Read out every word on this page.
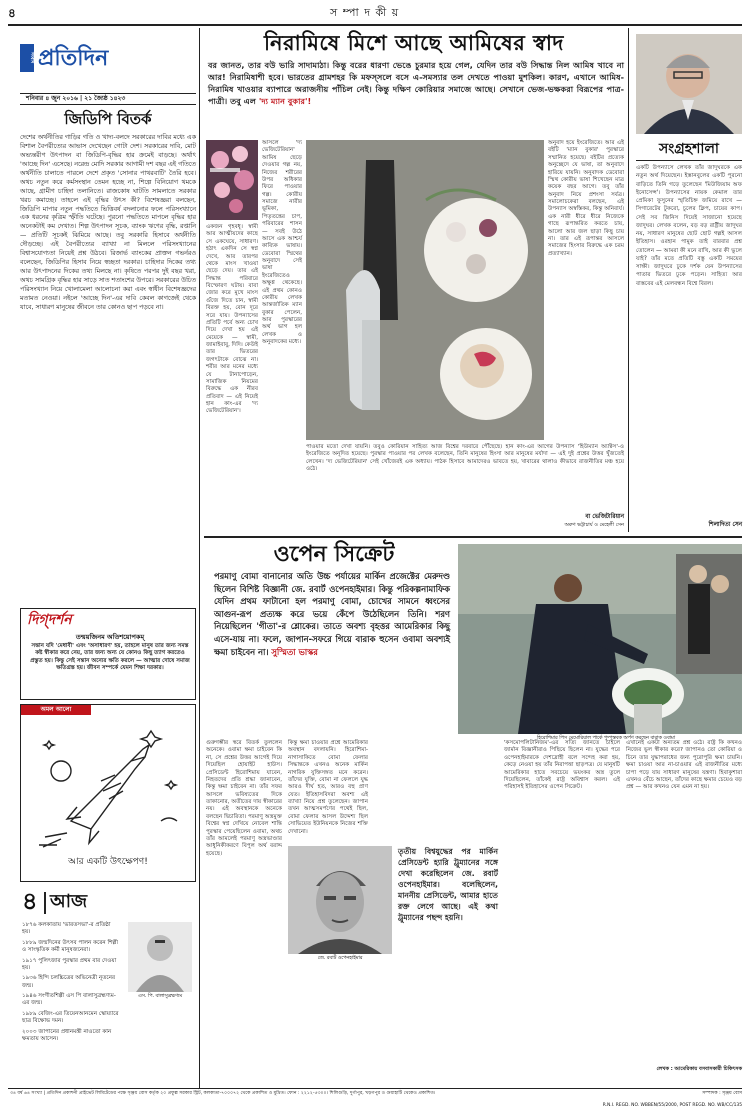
৪	স ম্পা দ কী য়
সংবাদ প্রতিদিন
শনিবার ৪ জুন ২০১৬ | ২১ জ্যৈষ্ঠ ১৪২৩
জিডিপি বিতর্ক
দেশের অর্থনীতির গাড়ির গতি ও খাদ্য-বলদে সরকারের দাবির মধ্যে এক বিশাল বৈপরীত্যের আভাস দেখেছেন গোটা দেশ। সরকারের দাবি, মোট অভ্যন্তরীণ উৎপাদন বা জিডিপি-বৃদ্ধির হার ক্রমেই বাড়ছে। অর্থাৎ 'আচ্ছে দিন' এসেছে। নরেন্দ্র মোদি সরকার আগামী দশ বছর এই গতিতে অর্থনীতি চালাতে পারলে দেশে প্রকৃত 'সোনার পাথরবাটি' তৈরি হবে। অথচ নতুন করে কর্মসংস্থান তেমন হচ্ছে না, শিল্পে বিনিয়োগ থমকে আছে, গ্রামীণ চাহিদা তলানিতে। রাজকোষ ঘাটতি সামলাতে সরকার খরচ কমাচ্ছে। তাহলে এই বৃদ্ধির উৎস কী? বিশেষজ্ঞরা বলছেন, জিডিপি মাপার নতুন পদ্ধতিতে ভিত্তিবর্ষ বদলানোর ফলে পরিসংখ্যানে এক ধরনের কৃত্রিম স্ফীতি ঘটেছে। পুরনো পদ্ধতিতে মাপলে বৃদ্ধির হার অনেকটাই কম দেখাত। শিল্প উৎপাদন সূচক, ব্যাংক ঋণের বৃদ্ধি, রপ্তানি — প্রতিটি সূচকই ঝিমিয়ে আছে। তবু সরকারি হিসাবে অর্থনীতি দৌড়চ্ছে। এই বৈপরীত্যের ব্যাখ্যা না মিললে পরিসংখ্যানের বিশ্বাসযোগ্যতা নিয়েই প্রশ্ন উঠবে। রিজার্ভ ব্যাংকের প্রাক্তন গভর্নরও বলেছেন, জিডিপির হিসাব নিয়ে স্বচ্ছতা দরকার। চাহিদার দিকের তথ্য আর উৎপাদনের দিকের তথ্য মিলছে না। কৃষিতে পরপর দুই বছর খরা, অথচ সামগ্রিক বৃদ্ধির হার সাড়ে সাত শতাংশের উপরে। সরকারের উচিত পরিসংখ্যান নিয়ে খোলামেলা আলোচনা করা এবং স্বাধীন বিশেষজ্ঞদের মতামত নেওয়া। নইলে 'আচ্ছে দিন'-এর দাবি কেবল কাগজেই থেকে যাবে, সাধারণ মানুষের জীবনে তার কোনও ছাপ পড়বে না।
দিগ্‌দর্শন
তন্ময়জিনম অতিশয়োপকম্
সন্তান যদি 'মেধাবী' এবং 'অসাধারণ' হয়, তাহলে মানুষ তার জন্য সমস্ত কষ্ট স্বীকার করে নেয়, তার জন্য অন্য যে কোনও কিছু ত্যাগ করতেও প্রস্তুত হয়। কিন্তু সেই সন্তান অন্যের ক্ষতি করলে — আত্মার দোষে সমাজ ক্ষতিগ্রস্ত হয়। জীবন সম্পর্কে যেমন শিক্ষা দরকার।
অমল আলো
আর একটি উৎক্ষেপণ!
৪ আজ
১৮৭৬ কলকাতায় 'ভারতসভা'-র প্রতিষ্ঠা হয়।
১৮৮৯ জন্মদিনের উৎসব পালন করেন শিল্পী ও সাংস্কৃতিক কর্মী মানুষজনেরা।
১৯১৭ পুলিৎজার পুরস্কার প্রথম বার দেওয়া হয়।
১৯৩৬ হিন্দি চলচ্চিত্রের অভিনেত্রী নূতনের জন্ম।
১৯৪৬ সংগীতশিল্পী এস পি বালাসুব্রহ্মণ্যম-এর জন্ম।
১৯৮৯ বেজিং-এর তিয়েনআনমেন স্কোয়্যারে ছাত্র বিক্ষোভ দমন।
২০০৩ জাপানের প্রধানমন্ত্রী নাওতো কান ক্ষমতায় আসেন।
এস. পি. বালাসুব্রহ্মণ্যম
নিরামিষে মিশে আছে আমিষের স্বাদ
বর জানত, তার বউ ভারি সাদামাঠা। কিন্তু বরের ধারণা ভেঙে চুরমার হয়ে গেল, যেদিন তার বউ সিদ্ধান্ত নিল আমিষ খাবে না আর! নিরামিষাশী হবে। ভারতের গ্রামশহর কি মফস্সলে বসে এ-সমস্যার তল দেখতে পাওয়া মুশকিল। কারণ, এখানে আমিষ-নিরামিষ খাওয়ার ব্যাপারে অরাজনীয় পাঁচিল নেই। কিন্তু দক্ষিণ কোরিয়ার সমাজে আছে। সেখানে ভেজ-ভক্ষকরা বিরূপের পাত্র-পাত্রী। তবু এল 'দ্য ম্যান বুকার'!
একজন গৃহবধূ। স্বামী আর আত্মীয়দের কাছে সে একঘেয়ে, সাধারণ। হঠাৎ একদিন সে স্বপ্ন দেখে, আর তারপর থেকে মাংস খাওয়া ছেড়ে দেয়। তার এই সিদ্ধান্ত পরিবারে বিস্ফোরণ ঘটায়। বাবা জোর করে মুখে মাংস গুঁজে দিতে চান, স্বামী বিরক্ত হয়, বোন দূরে সরে যায়। উপন্যাসের প্রতিটি পর্বে অন্য চোখ দিয়ে দেখা হয় এই মেয়েকে — স্বামী, জামাইবাবু, দিদি। কেউই তার ভিতরের জগৎটাকে বোঝে না। শরীর আর মনের মধ্যে যে টানাপোড়েন, সামাজিক নিয়মের বিরুদ্ধে এক নীরব প্রতিবাদ — এই নিয়েই হান কাং-এর 'দ্য ভেজিটেরিয়ান'।
আসলে 'দ্য ভেজিটেরিয়ান' আমিষ ছেড়ে দেওয়ার গল্প নয়, নিজের শরীরের উপর অধিকার ফিরে পাওয়ার গল্প। কোরীয় সমাজে নারীর ভূমিকা, পিতৃতন্ত্রের চাপ, পরিবারের শাসন — সবই উঠে আসে এক আশ্চর্য কাব্যিক ভাষায়। ডেবোরা স্মিথের অনুবাদে সেই ভাষা ইংরেজিতেও অক্ষুণ্ণ থেকেছে। এই প্রথম কোনও কোরীয় লেখক আন্তর্জাতিক ম্যান বুকার পেলেন, আর পুরস্কারের অর্থ ভাগ হল লেখক ও অনুবাদকের মধ্যে।
অনুবাদ হয়ে ইংরেজিতে। আর এই বইটি 'ম্যান বুকার' পুরস্কারে সম্মানিত হয়েছে। বইটির প্রত্যেক অনুচ্ছেদে যে ভাষা, তা অনুবাদে হারিয়ে যায়নি। অনুবাদক ডেবোরা স্মিথ কোরীয় ভাষা শিখেছেন মাত্র কয়েক বছর আগে। তবু তাঁর অনুবাদ নিয়ে প্রশংসা সর্বত্র। সমালোচকেরা বলছেন, এই উপন্যাস অস্বস্তিকর, কিন্তু অনিবার্য। এক নারী ধীরে ধীরে নিজেকে গাছে রূপান্তরিত করতে চায়, আলো আর জল ছাড়া কিছু চায় না। তার এই রূপান্তর আসলে সমাজের হিংসার বিরুদ্ধে এক চরম প্রত্যাখ্যান।
পাওয়ার মতো দেখা যায়নি। তবুও কোরিয়ান সাহিত্য আজ বিশ্বের দরবারে পৌঁছেছে। হান কাং-এর আগের উপন্যাস 'হিউম্যান অ্যাক্টস'-ও ইংরেজিতে অনূদিত হয়েছে। পুরস্কার পাওয়ার পর লেখক বলেছেন, তিনি মানুষের হিংসা আর মানুষের মর্যাদা — এই দুই প্রশ্নের উত্তর খুঁজতেই লেখেন। 'দ্য ভেজিটেরিয়ান' সেই খোঁজেরই এক অধ্যায়। পাঠক হিসাবে আমাদেরও ভাবতে হয়, খাবারের থালাও কীভাবে রাজনীতির মঞ্চ হয়ে ওঠে।
বা ভেজিটারিয়ান
অরুণ ভট্টাচার্য ও মেহেলী সেন
সংগ্রহশালা
একটি উপন্যাসে লেখক তাঁর জাদুঘরকে এক নতুন অর্থ দিয়েছেন। ইস্তানবুলের একটি পুরনো বাড়িতে তিনি গড়ে তুলেছেন 'মিউজিয়াম অফ ইনোসেন্স'। উপন্যাসের নায়ক কেমাল তার প্রেমিকা ফুসুনের স্মৃতিচিহ্ন জমিয়ে রাখে — সিগারেটের টুকরো, চুলের ক্লিপ, চায়ের কাপ। সেই সব জিনিস দিয়েই সাজানো হয়েছে জাদুঘর। লেখক বলেন, বড় বড় রাষ্ট্রীয় জাদুঘর নয়, সাধারণ মানুষের ছোট ছোট গল্পই আসল ইতিহাস। ওরহান পামুক তাই বারবার প্রশ্ন তোলেন — আমরা কী মনে রাখি, আর কী ভুলে যাই? তাঁর মতে প্রতিটি বস্তু একটি সময়ের সাক্ষী। জাদুঘরে ঢুকে দর্শক যেন উপন্যাসের পাতার ভিতরে ঢুকে পড়েন। সাহিত্য আর বাস্তবের এই মেলবন্ধন বিশ্বে বিরল।
শিলাদিত্য সেন
ওপেন সিক্রেট
পরমাণু বোমা বানানোর অতি উচ্চ পর্যায়ের মার্কিন প্রজেক্টের মেরুদণ্ড ছিলেন বিশিষ্ট বিজ্ঞানী জে. রবার্ট ওপেনহাইমার। কিন্তু পরিকল্পনামাফিক যেদিন প্রথম ফাটানো হল পরমাণু বোমা, চোখের সামনে ধ্বংসের আগুন-রূপ প্রত্যক্ষ করে ভয়ে কেঁপে উঠেছিলেন তিনি। শরণ নিয়েছিলেন 'গীতা'-র শ্লোকের। তাতে অবশ্য বৃহত্তর আমেরিকার কিছু এসে-যায় না। ফলে, জাপান-সফরে গিয়ে বারাক হুসেন ওবামা অবশ্যই ক্ষমা চাইবেন না। সুস্মিতা ভাস্কর
হিরোশিমার পিস মেমোরিয়াল পার্কে পুষ্পস্তবক অর্পণ করছেন বারাক ওবামা
গুরুগম্ভীর স্বরে বিতর্ক তুললেন অনেকে। ওবামা ক্ষমা চাইবেন কি না, সে প্রশ্নের উত্তর আগেই দিয়ে দিয়েছিল হোয়াইট হাউস। প্রেসিডেন্ট হিরোশিমায় যাবেন, নিহতদের প্রতি শ্রদ্ধা জানাবেন, কিন্তু ক্ষমা চাইবেন না। তাঁর সফর আসলে ভবিষ্যতের দিকে তাকানোর, অতীতের দায় স্বীকারের নয়। এই অবস্থানকে অনেকে বলছেন দ্বিচারিতা। পরমাণু অস্ত্রমুক্ত বিশ্বের স্বপ্ন দেখিয়ে নোবেল শান্তি পুরস্কার পেয়েছিলেন ওবামা, অথচ তাঁর আমলেই পরমাণু অস্ত্রভাণ্ডার আধুনিকীকরণে বিপুল অর্থ বরাদ্দ হয়েছে।
কিন্তু ক্ষমা চাওয়ার প্রশ্নে আমেরিকার অবস্থান বদলায়নি। হিরোশিমা-নাগাসাকিতে বোমা ফেলার সিদ্ধান্তকে এখনও অনেক মার্কিন নাগরিক যুক্তিসঙ্গত মনে করেন। তাঁদের যুক্তি, বোমা না ফেললে যুদ্ধ আরও দীর্ঘ হত, আরও বহু প্রাণ যেত। ইতিহাসবিদরা অবশ্য এই ব্যাখ্যা নিয়ে প্রশ্ন তুলেছেন। জাপান তখন আত্মসমর্পণের পথেই ছিল, বোমা ফেলার আসল উদ্দেশ্য ছিল সোভিয়েত ইউনিয়নকে নিজের শক্তি দেখানো।
জে. রবার্ট ওপেনহাইমার
তৃতীয় বিশ্বযুদ্ধের পর মার্কিন প্রেসিডেন্ট হ্যারি ট্রুম্যানের সঙ্গে দেখা করেছিলেন জে. রবার্ট ওপেনহাইমার। বলেছিলেন, মাননীয় প্রেসিডেন্ট, আমার হাতে রক্ত লেগে আছে। এই কথা ট্রুম্যানের পছন্দ হয়নি।
'কসমোপলিটানিজম'-এর সত্যি জানতে চাইলে জার্মান বিজ্ঞানীরাও পিছিয়ে ছিলেন না। যুদ্ধের পরে ওপেনহাইমারকে দেশদ্রোহী বলে সন্দেহ করা হয়, কেড়ে নেওয়া হয় তাঁর নিরাপত্তা ছাড়পত্র। যে মানুষটি আমেরিকার হাতে সবচেয়ে ভয়ংকর অস্ত্র তুলে দিয়েছিলেন, তাঁকেই রাষ্ট্র অবিশ্বাস করল। এই পরিহাসই ইতিহাসের ওপেন সিক্রেট।
এখানেই একটা অন্যতম প্রশ্ন ওঠে। রাষ্ট্র কি কখনও নিজের ভুল স্বীকার করে? জাপানও তো কোরিয়া ও চিনে তার যুদ্ধাপরাধের জন্য পুরোপুরি ক্ষমা চায়নি। ক্ষমা চাওয়া আর না-চাওয়ার এই রাজনীতির মধ্যে চাপা পড়ে যায় সাধারণ মানুষের যন্ত্রণা। হিবাকুশারা এখনও বেঁচে আছেন, তাঁদের কাছে ক্ষমার চেয়েও বড় প্রশ্ন — আর কখনও যেন এমন না হয়।
লেখক : আমেরিকায় বসবাসকারী চিকিৎসক
৩৪ বর্ষ ৬৪ সংখ্যা | প্রতিদিন প্রকাশনী প্রাইভেট লিমিটেডের পক্ষে সৃঞ্জয় বোস কর্তৃক ২০ প্রফুল্ল সরকার স্ট্রিট, কলকাতা-৭০০০৭২ থেকে প্রকাশিত ও মুদ্রিত। ফোন : ২২১২-৫৩০০। শিলিগুড়ি, দুর্গাপুর, খড়গপুর ও গুয়াহাটি থেকেও প্রকাশিত।	সম্পাদক : সৃঞ্জয় বোস
R.N.I. REGD. NO. WBBEN/55/2000, POST REGD. NO. WB/CC/135
